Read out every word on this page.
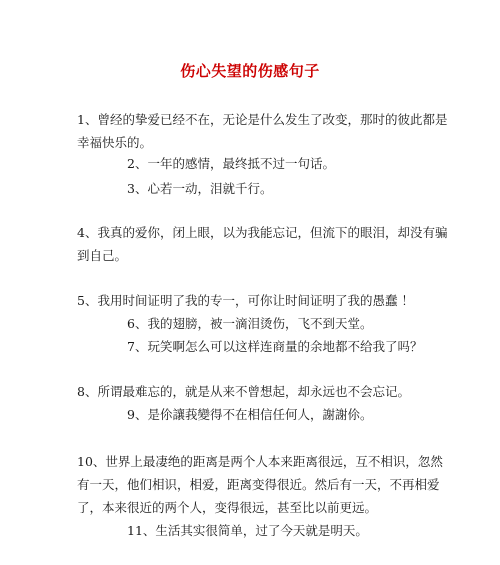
伤心失望的伤感句子
1、曾经的挚爱已经不在，无论是什么发生了改变，那时的彼此都是
幸福快乐的。
2、一年的感情，最终抵不过一句话。
3、心若一动，泪就千行。
4、我真的爱你，闭上眼，以为我能忘记，但流下的眼泪，却没有骗
到自己。
5、我用时间证明了我的专一，可你让时间证明了我的愚蠢 ！
6、我的翅膀，被一滴泪烫伤，飞不到天堂。
7、玩笑啊怎么可以这样连商量的余地都不给我了吗？
8、所谓最难忘的，就是从来不曾想起，却永远也不会忘记。
9、是伱讓莪變得不在相信任何人，謝謝伱。
10、世界上最凄绝的距离是两个人本来距离很远，互不相识，忽然
有一天，他们相识，相爱，距离变得很近。然后有一天，不再相爱
了，本来很近的两个人，变得很远，甚至比以前更远。
11、生活其实很简单，过了今天就是明天。
